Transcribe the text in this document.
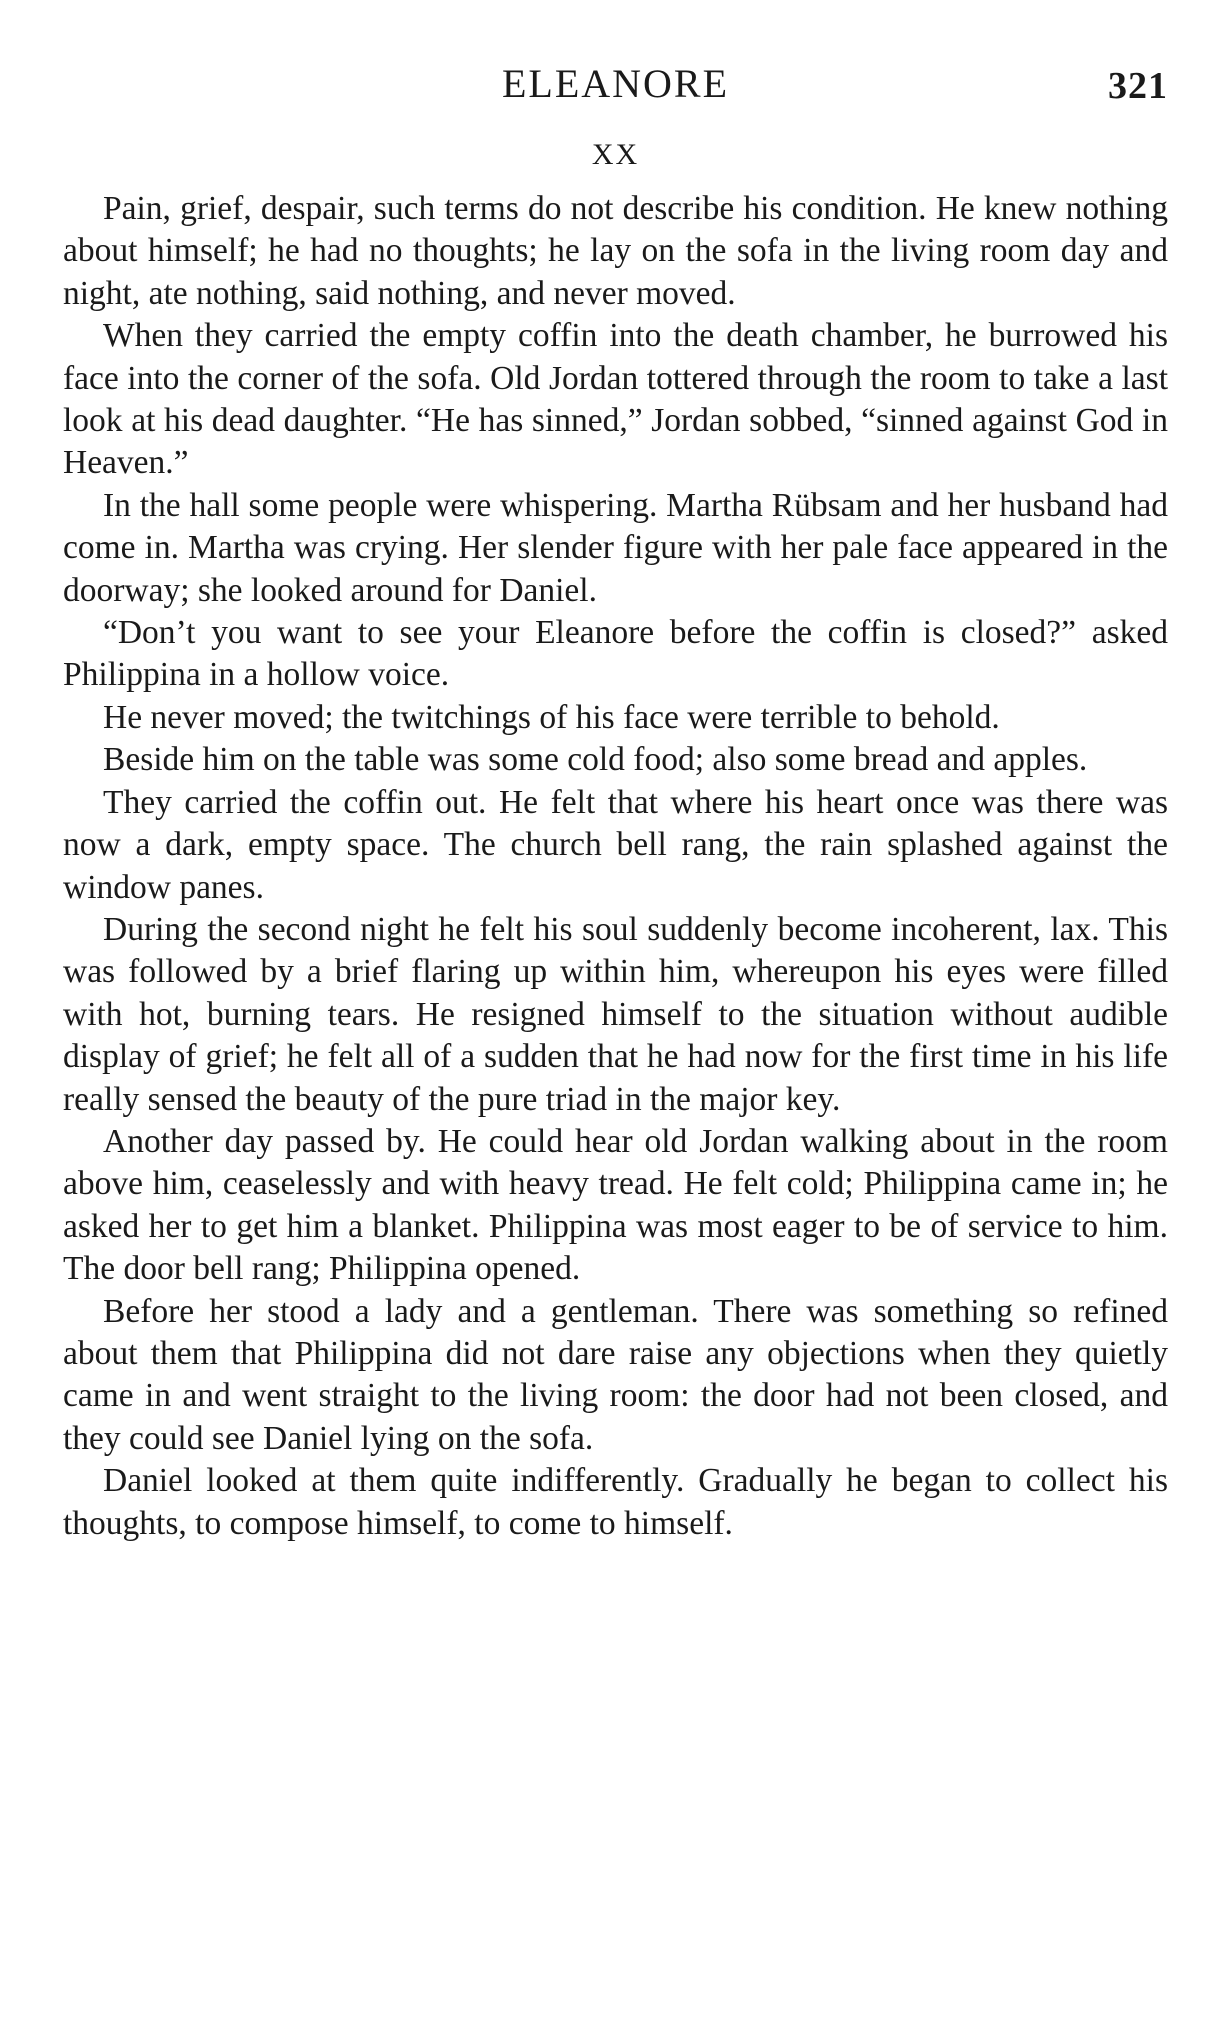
ELEANORE	321
XX

Pain, grief, despair, such terms do not describe his condition. He knew nothing about himself; he had no thoughts; he lay on the sofa in the living room day and night, ate nothing, said nothing, and never moved.

When they carried the empty coffin into the death chamber, he burrowed his face into the corner of the sofa. Old Jordan tottered through the room to take a last look at his dead daughter. “He has sinned,” Jordan sobbed, “sinned against God in Heaven.”

In the hall some people were whispering. Martha Rübsam and her husband had come in. Martha was crying. Her slender figure with her pale face appeared in the doorway; she looked around for Daniel.

“Don’t you want to see your Eleanore before the coffin is closed?” asked Philippina in a hollow voice.

He never moved; the twitchings of his face were terrible to behold.

Beside him on the table was some cold food; also some bread and apples.

They carried the coffin out. He felt that where his heart once was there was now a dark, empty space. The church bell rang, the rain splashed against the window panes.

During the second night he felt his soul suddenly become incoherent, lax. This was followed by a brief flaring up within him, whereupon his eyes were filled with hot, burning tears. He resigned himself to the situation without audible display of grief; he felt all of a sudden that he had now for the first time in his life really sensed the beauty of the pure triad in the major key.

Another day passed by. He could hear old Jordan walking about in the room above him, ceaselessly and with heavy tread. He felt cold; Philippina came in; he asked her to get him a blanket. Philippina was most eager to be of service to him. The door bell rang; Philippina opened.

Before her stood a lady and a gentleman. There was something so refined about them that Philippina did not dare raise any objections when they quietly came in and went straight to the living room: the door had not been closed, and they could see Daniel lying on the sofa.

Daniel looked at them quite indifferently. Gradually he began to collect his thoughts, to compose himself, to come to himself.
